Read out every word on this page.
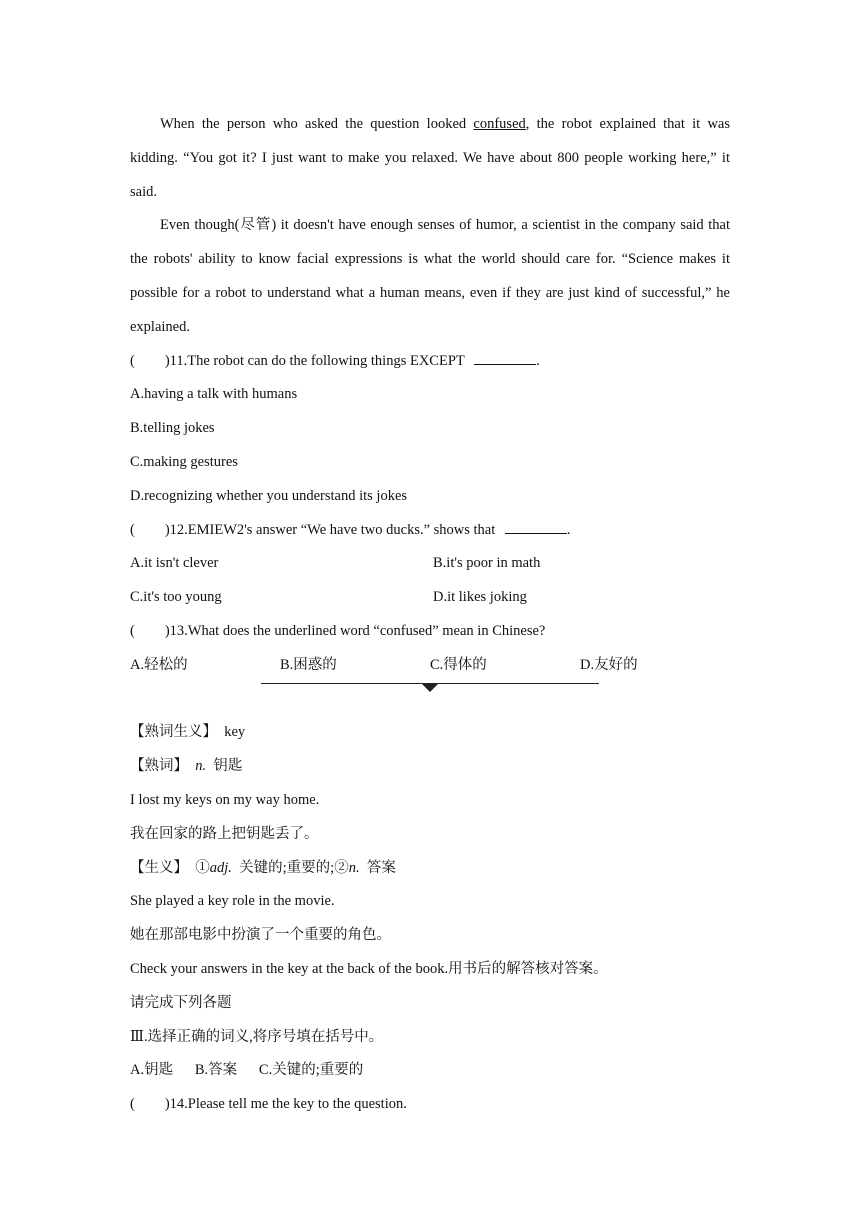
When the person who asked the question looked confused, the robot explained that it was kidding. “You got it? I just want to make you relaxed. We have about 800 people working here,” it said.

Even though(尽管) it doesn't have enough senses of humor, a scientist in the company said that the robots' ability to know facial expressions is what the world should care for. “Science makes it possible for a robot to understand what a human means, even if they are just kind of successful,” he explained.

( )11.The robot can do the following things EXCEPT	.
A.having a talk with humans
B.telling jokes
C.making gestures
D.recognizing whether you understand its jokes
( )12.EMIEW2's answer “We have two ducks.” shows that	.
A.it isn't clever	B.it's poor in math
C.it's too young	D.it likes joking
( )13.What does the underlined word “confused” mean in Chinese?
A.轻松的	B.困惑的	C.得体的	D.友好的
【熟词生义】 key
【熟词】 n. 钥匙
I lost my keys on my way home.
我在回家的路上把钥匙丢了。
【生义】 ①adj. 关键的;重要的;②n. 答案
She played a key role in the movie.
她在那部电影中扮演了一个重要的角色。
Check your answers in the key at the back of the book.用书后的解答核对答案。
请完成下列各题
Ⅲ.选择正确的词义,将序号填在括号中。
A.钥匙 B.答案 C.关键的;重要的
( )14.Please tell me the key to the question.
